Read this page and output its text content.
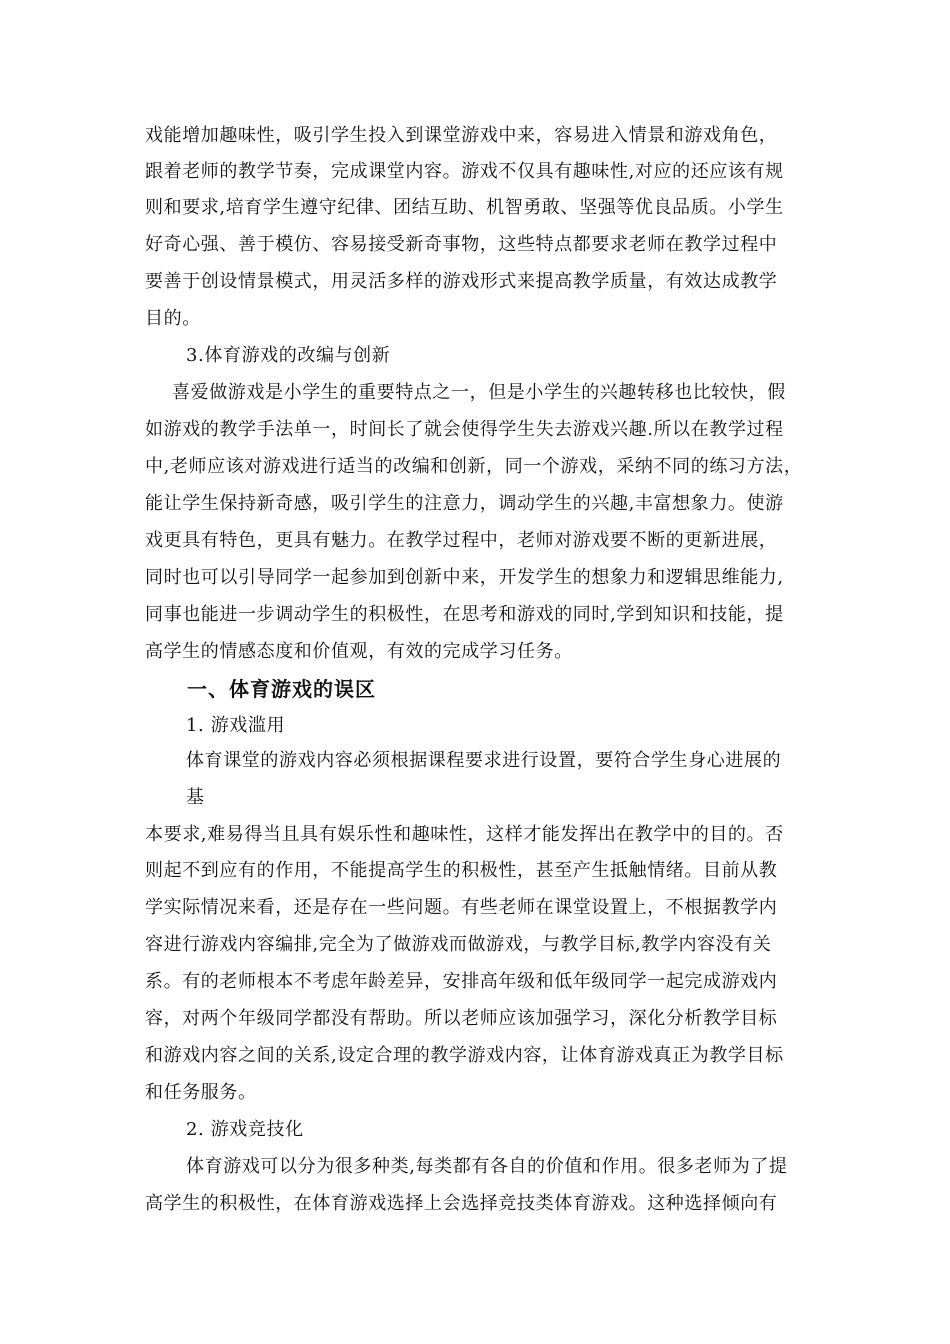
戏能增加趣味性，吸引学生投入到课堂游戏中来，容易进入情景和游戏角色，
跟着老师的教学节奏，完成课堂内容。游戏不仅具有趣味性,对应的还应该有规
则和要求,培育学生遵守纪律、团结互助、机智勇敢、坚强等优良品质。小学生
好奇心强、善于模仿、容易接受新奇事物，这些特点都要求老师在教学过程中
要善于创设情景模式，用灵活多样的游戏形式来提高教学质量，有效达成教学
目的。
3.体育游戏的改编与创新
喜爱做游戏是小学生的重要特点之一，但是小学生的兴趣转移也比较快，假
如游戏的教学手法单一，时间长了就会使得学生失去游戏兴趣.所以在教学过程
中,老师应该对游戏进行适当的改编和创新，同一个游戏，采纳不同的练习方法，
能让学生保持新奇感，吸引学生的注意力，调动学生的兴趣,丰富想象力。使游
戏更具有特色，更具有魅力。在教学过程中，老师对游戏要不断的更新进展，
同时也可以引导同学一起参加到创新中来，开发学生的想象力和逻辑思维能力,
同事也能进一步调动学生的积极性，在思考和游戏的同时,学到知识和技能，提
高学生的情感态度和价值观，有效的完成学习任务。
一、体育游戏的误区
1. 游戏滥用
体育课堂的游戏内容必须根据课程要求进行设置，要符合学生身心进展的
基
本要求,难易得当且具有娱乐性和趣味性，这样才能发挥出在教学中的目的。否
则起不到应有的作用，不能提高学生的积极性，甚至产生抵触情绪。目前从教
学实际情况来看，还是存在一些问题。有些老师在课堂设置上，不根据教学内
容进行游戏内容编排,完全为了做游戏而做游戏，与教学目标,教学内容没有关
系。有的老师根本不考虑年龄差异，安排高年级和低年级同学一起完成游戏内
容，对两个年级同学都没有帮助。所以老师应该加强学习，深化分析教学目标
和游戏内容之间的关系,设定合理的教学游戏内容，让体育游戏真正为教学目标
和任务服务。
2. 游戏竞技化
体育游戏可以分为很多种类,每类都有各自的价值和作用。很多老师为了提
高学生的积极性，在体育游戏选择上会选择竞技类体育游戏。这种选择倾向有
